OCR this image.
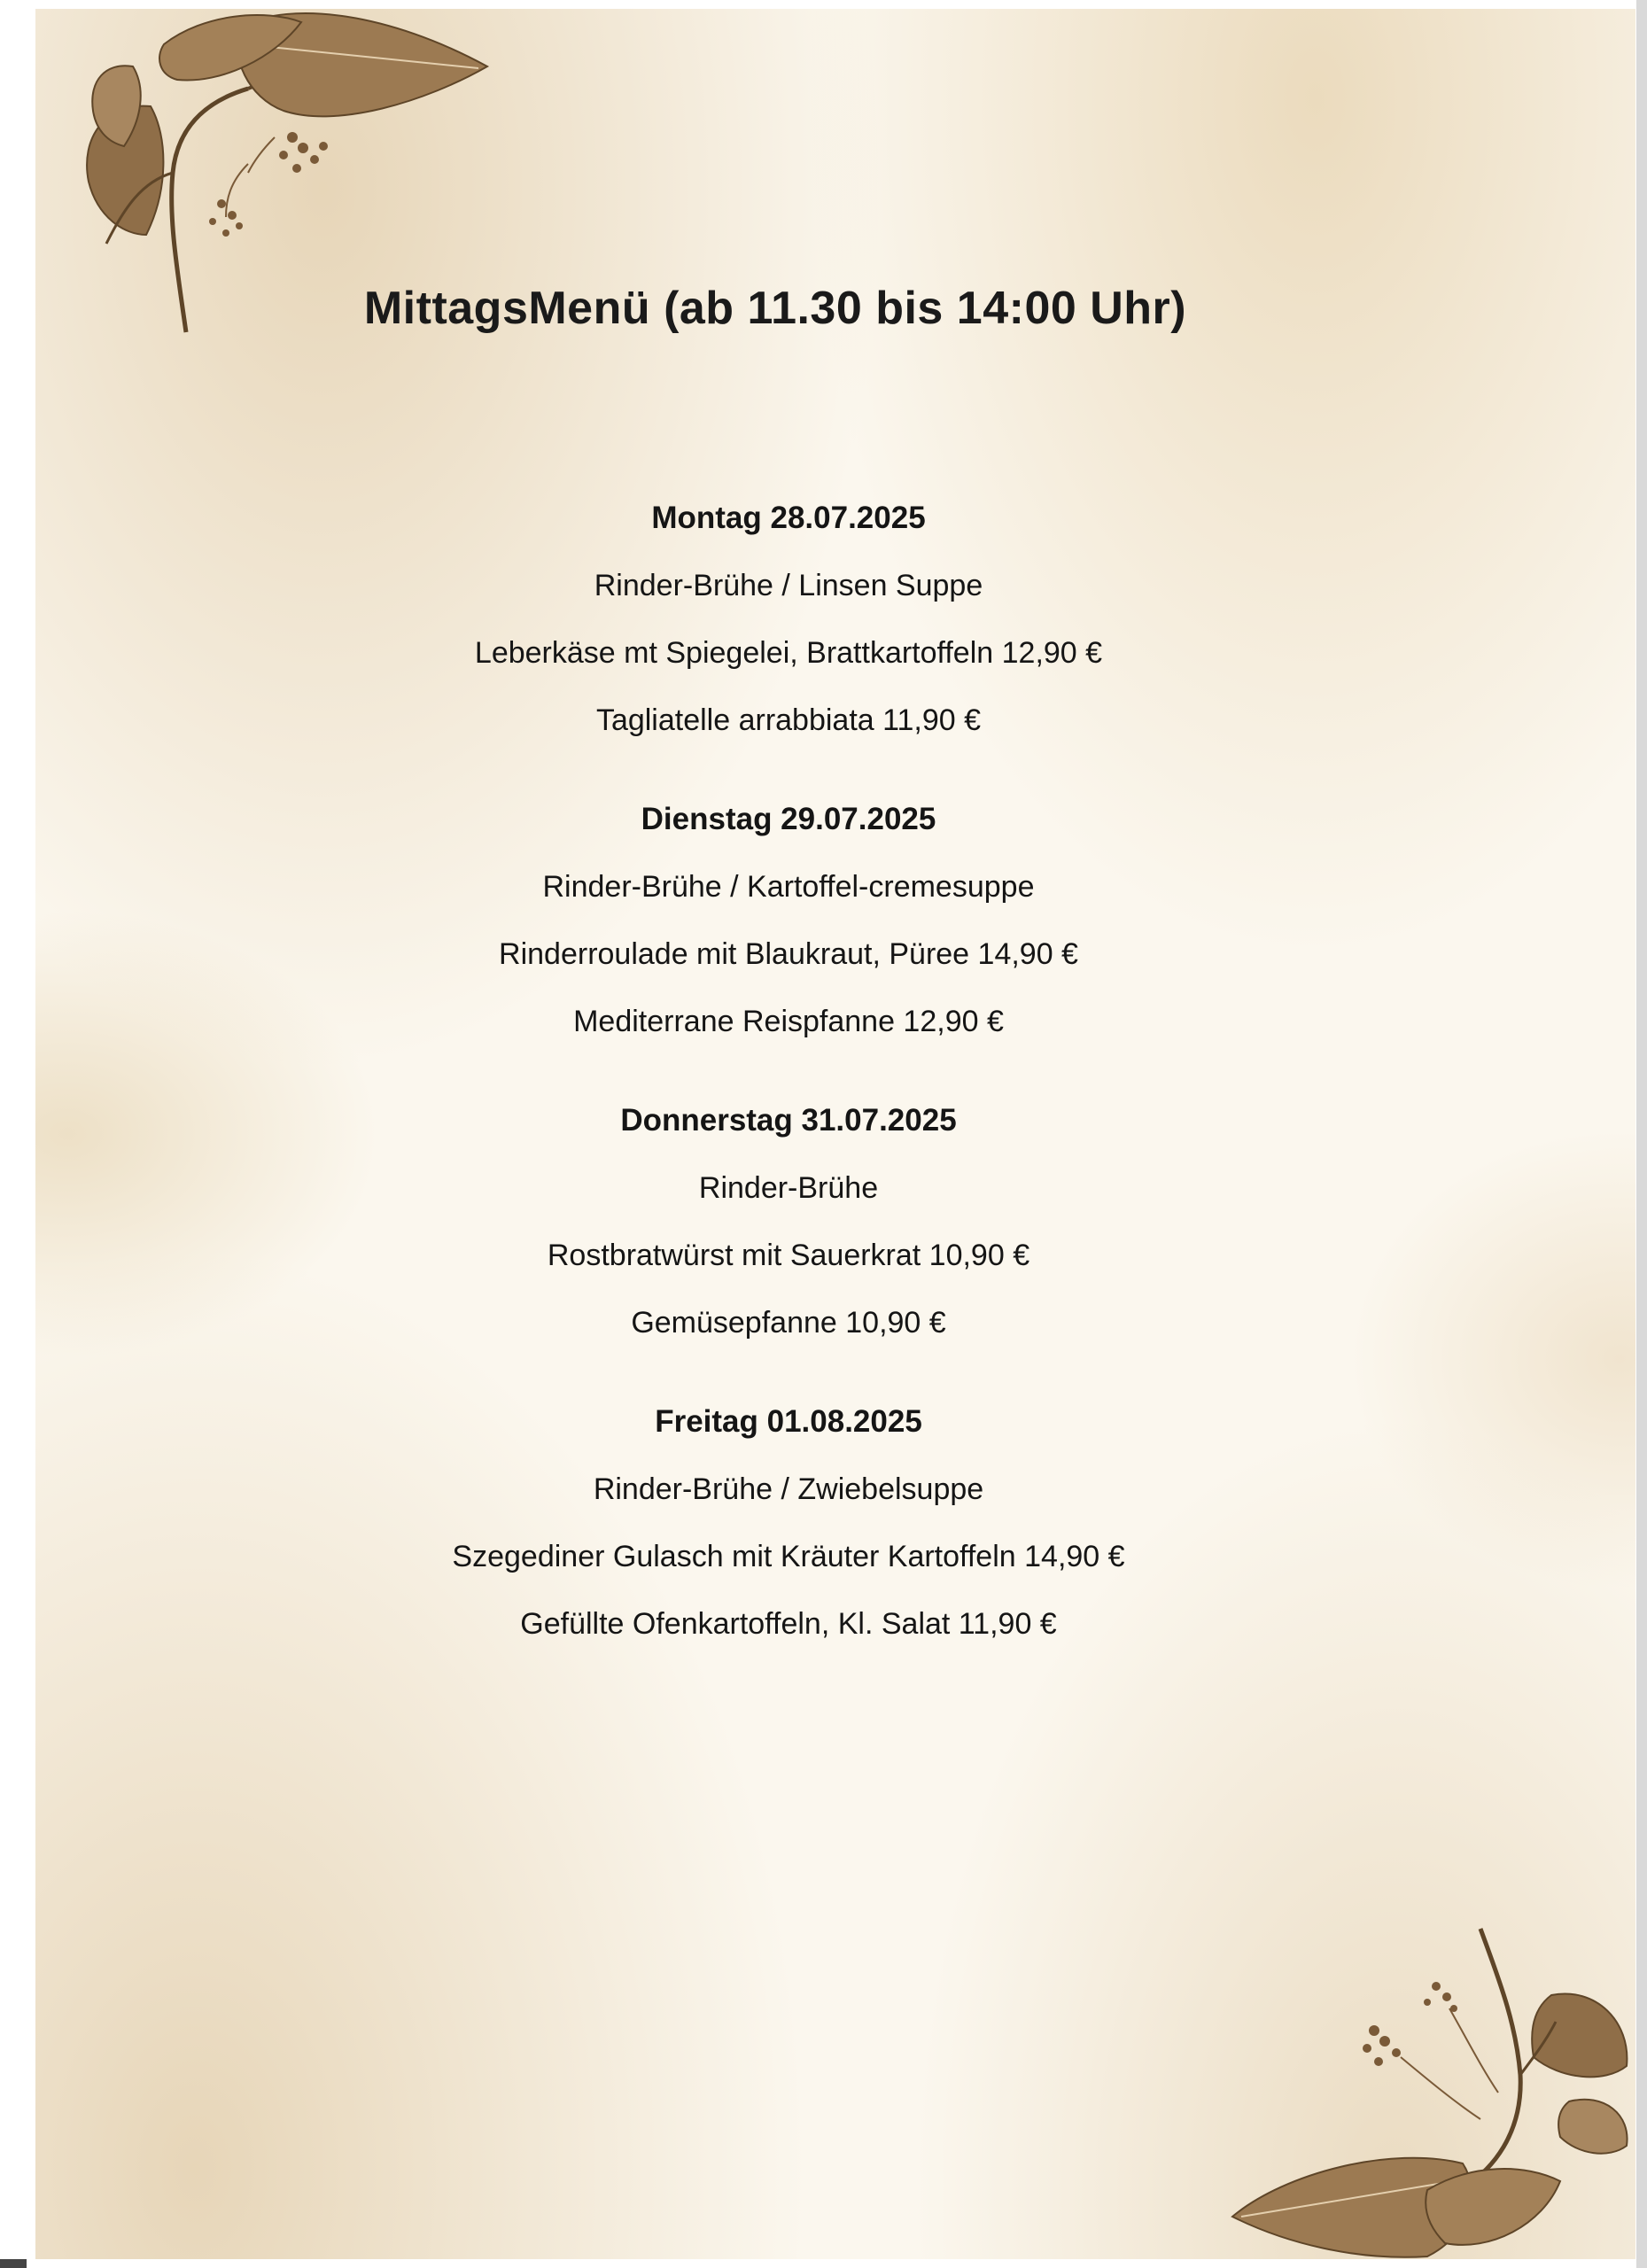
MittagsMenü (ab 11.30 bis 14:00 Uhr)
Montag 28.07.2025
Rinder-Brühe / Linsen Suppe
Leberkäse mt Spiegelei, Brattkartoffeln 12,90 €
Tagliatelle arrabbiata 11,90 €
Dienstag 29.07.2025
Rinder-Brühe / Kartoffel-cremesuppe
Rinderroulade mit Blaukraut, Püree 14,90 €
Mediterrane Reispfanne 12,90 €
Donnerstag 31.07.2025
Rinder-Brühe
Rostbratwürst mit Sauerkrat 10,90 €
Gemüsepfanne 10,90 €
Freitag 01.08.2025
Rinder-Brühe / Zwiebelsuppe
Szegediner Gulasch mit Kräuter Kartoffeln 14,90 €
Gefüllte Ofenkartoffeln, Kl. Salat 11,90 €
